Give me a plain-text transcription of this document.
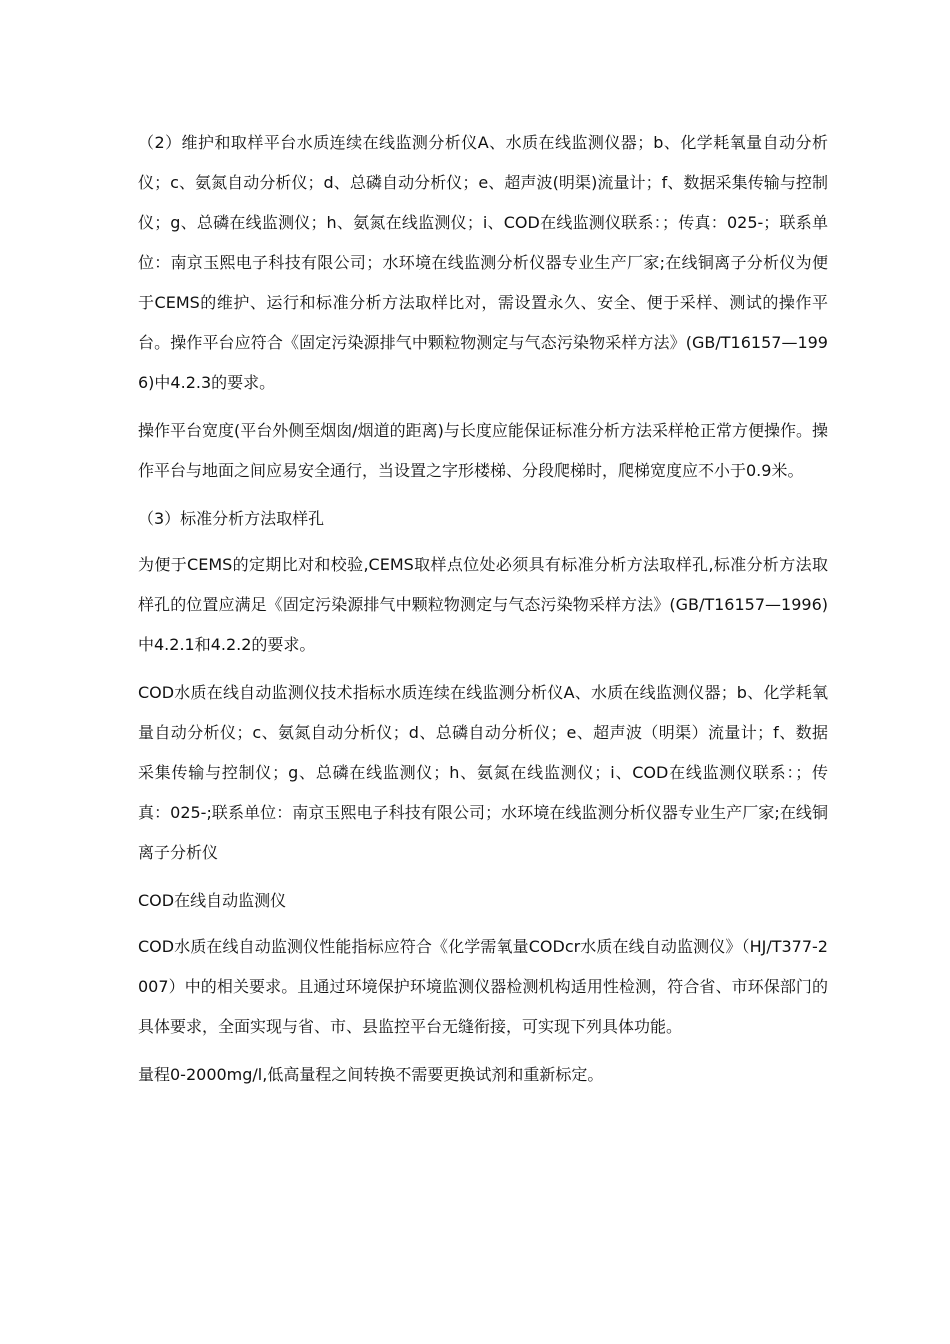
（2）维护和取样平台水质连续在线监测分析仪A、水质在线监测仪器；b、化学耗氧量自动分析仪；c、氨氮自动分析仪；d、总磷自动分析仪；e、超声波(明渠)流量计；f、数据采集传输与控制仪；g、总磷在线监测仪；h、氨氮在线监测仪；i、COD在线监测仪联系：；传真：025-；联系单位：南京玉熙电子科技有限公司；水环境在线监测分析仪器专业生产厂家;在线铜离子分析仪为便于CEMS的维护、运行和标准分析方法取样比对，需设置永久、安全、便于采样、测试的操作平台。操作平台应符合《固定污染源排气中颗粒物测定与气态污染物采样方法》(GB/T16157—1996)中4.2.3的要求。

操作平台宽度(平台外侧至烟囱/烟道的距离)与长度应能保证标准分析方法采样枪正常方便操作。操作平台与地面之间应易安全通行，当设置之字形楼梯、分段爬梯时，爬梯宽度应不小于0.9米。

（3）标准分析方法取样孔

为便于CEMS的定期比对和校验,CEMS取样点位处必须具有标准分析方法取样孔,标准分析方法取样孔的位置应满足《固定污染源排气中颗粒物测定与气态污染物采样方法》(GB/T16157—1996)中4.2.1和4.2.2的要求。

COD水质在线自动监测仪技术指标水质连续在线监测分析仪A、水质在线监测仪器；b、化学耗氧量自动分析仪；c、氨氮自动分析仪；d、总磷自动分析仪；e、超声波（明渠）流量计；f、数据采集传输与控制仪；g、总磷在线监测仪；h、氨氮在线监测仪；i、COD在线监测仪联系：；传真：025-;联系单位：南京玉熙电子科技有限公司；水环境在线监测分析仪器专业生产厂家;在线铜离子分析仪

COD在线自动监测仪

COD水质在线自动监测仪性能指标应符合《化学需氧量CODcr水质在线自动监测仪》（HJ/T377-2007）中的相关要求。且通过环境保护环境监测仪器检测机构适用性检测，符合省、市环保部门的具体要求，全面实现与省、市、县监控平台无缝衔接，可实现下列具体功能。

量程0-2000mg/l,低高量程之间转换不需要更换试剂和重新标定。
